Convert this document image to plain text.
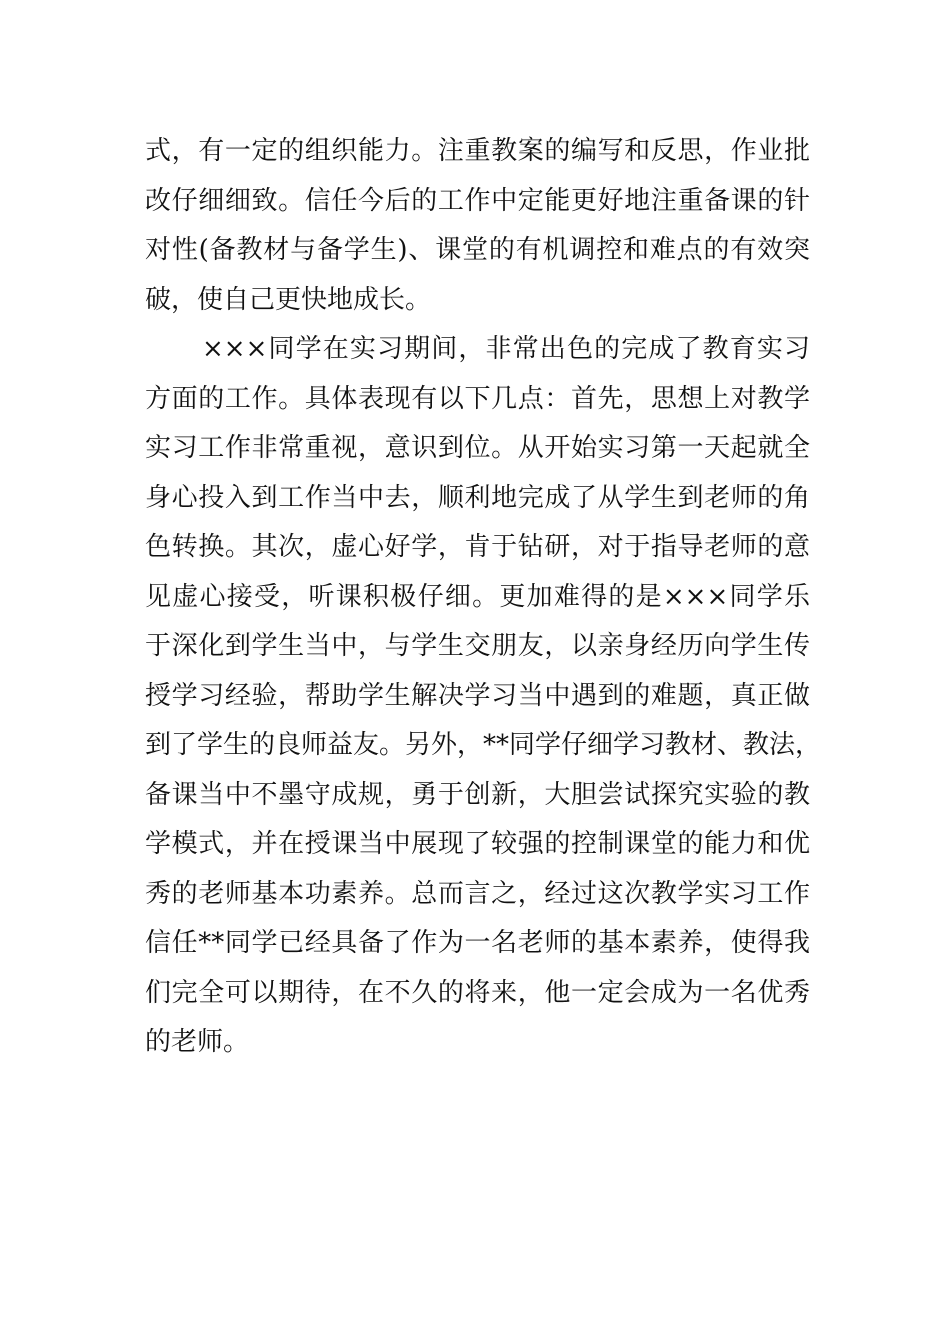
式，有一定的组织能力。注重教案的编写和反思，作业批
改仔细细致。信任今后的工作中定能更好地注重备课的针
对性(备教材与备学生)、课堂的有机调控和难点的有效突
破，使自己更快地成长。
×××同学在实习期间，非常出色的完成了教育实习
方面的工作。具体表现有以下几点：首先，思想上对教学
实习工作非常重视，意识到位。从开始实习第一天起就全
身心投入到工作当中去，顺利地完成了从学生到老师的角
色转换。其次，虚心好学，肯于钻研，对于指导老师的意
见虚心接受，听课积极仔细。更加难得的是×××同学乐
于深化到学生当中，与学生交朋友，以亲身经历向学生传
授学习经验，帮助学生解决学习当中遇到的难题，真正做
到了学生的良师益友。另外，**同学仔细学习教材、教法，
备课当中不墨守成规，勇于创新，大胆尝试探究实验的教
学模式，并在授课当中展现了较强的控制课堂的能力和优
秀的老师基本功素养。总而言之，经过这次教学实习工作
信任**同学已经具备了作为一名老师的基本素养，使得我
们完全可以期待，在不久的将来，他一定会成为一名优秀
的老师。
